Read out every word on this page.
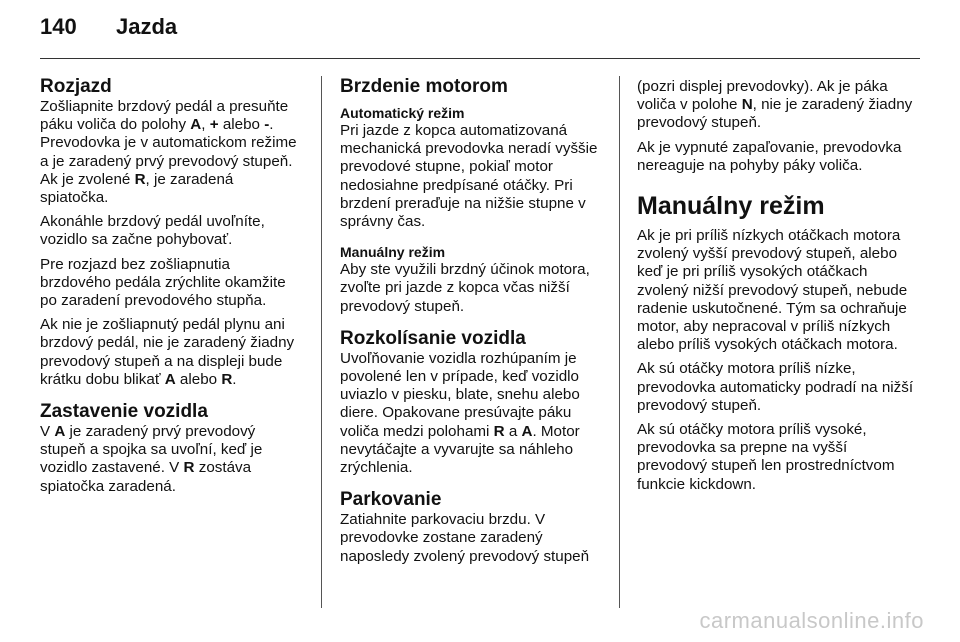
140 Jazda
Rozjazd

Zošliapnite brzdový pedál a presuňte páku voliča do polohy A, + alebo -. Prevodovka je v automatickom režime a je zaradený prvý prevodový stupeň. Ak je zvolené R, je zaradená spiatočka.

Akonáhle brzdový pedál uvoľníte, vozidlo sa začne pohybovať.

Pre rozjazd bez zošliapnutia brzdového pedála zrýchlite okamžite po zaradení prevodového stupňa.

Ak nie je zošliapnutý pedál plynu ani brzdový pedál, nie je zaradený žiadny prevodový stupeň a na displeji bude krátku dobu blikať A alebo R.

Zastavenie vozidla

V A je zaradený prvý prevodový stupeň a spojka sa uvoľní, keď je vozidlo zastavené. V R zostáva spiatočka zaradená.

Brzdenie motorom
Automatický režim

Pri jazde z kopca automatizovaná mechanická prevodovka neradí vyššie prevodové stupne, pokiaľ motor nedosiahne predpísané otáčky. Pri brzdení preraďuje na nižšie stupne v správny čas.

Manuálny režim

Aby ste využili brzdný účinok motora, zvoľte pri jazde z kopca včas nižší prevodový stupeň.

Rozkolísanie vozidla

Uvoľňovanie vozidla rozhúpaním je povolené len v prípade, keď vozidlo uviazlo v piesku, blate, snehu alebo diere. Opakovane presúvajte páku voliča medzi polohami R a A. Motor nevytáčajte a vyvarujte sa náhleho zrýchlenia.

Parkovanie

Zatiahnite parkovaciu brzdu. V prevodovke zostane zaradený naposledy zvolený prevodový stupeň

(pozri displej prevodovky). Ak je páka voliča v polohe N, nie je zaradený žiadny prevodový stupeň.

Ak je vypnuté zapaľovanie, prevodovka nereaguje na pohyby páky voliča.

Manuálny režim

Ak je pri príliš nízkych otáčkach motora zvolený vyšší prevodový stupeň, alebo keď je pri príliš vysokých otáčkach zvolený nižší prevodový stupeň, nebude radenie uskutočnené. Tým sa ochraňuje motor, aby nepracoval v príliš nízkych alebo príliš vysokých otáčkach motora.

Ak sú otáčky motora príliš nízke, prevodovka automaticky podradí na nižší prevodový stupeň.

Ak sú otáčky motora príliš vysoké, prevodovka sa prepne na vyšší prevodový stupeň len prostredníctvom funkcie kickdown.

carmanualsonline.info
